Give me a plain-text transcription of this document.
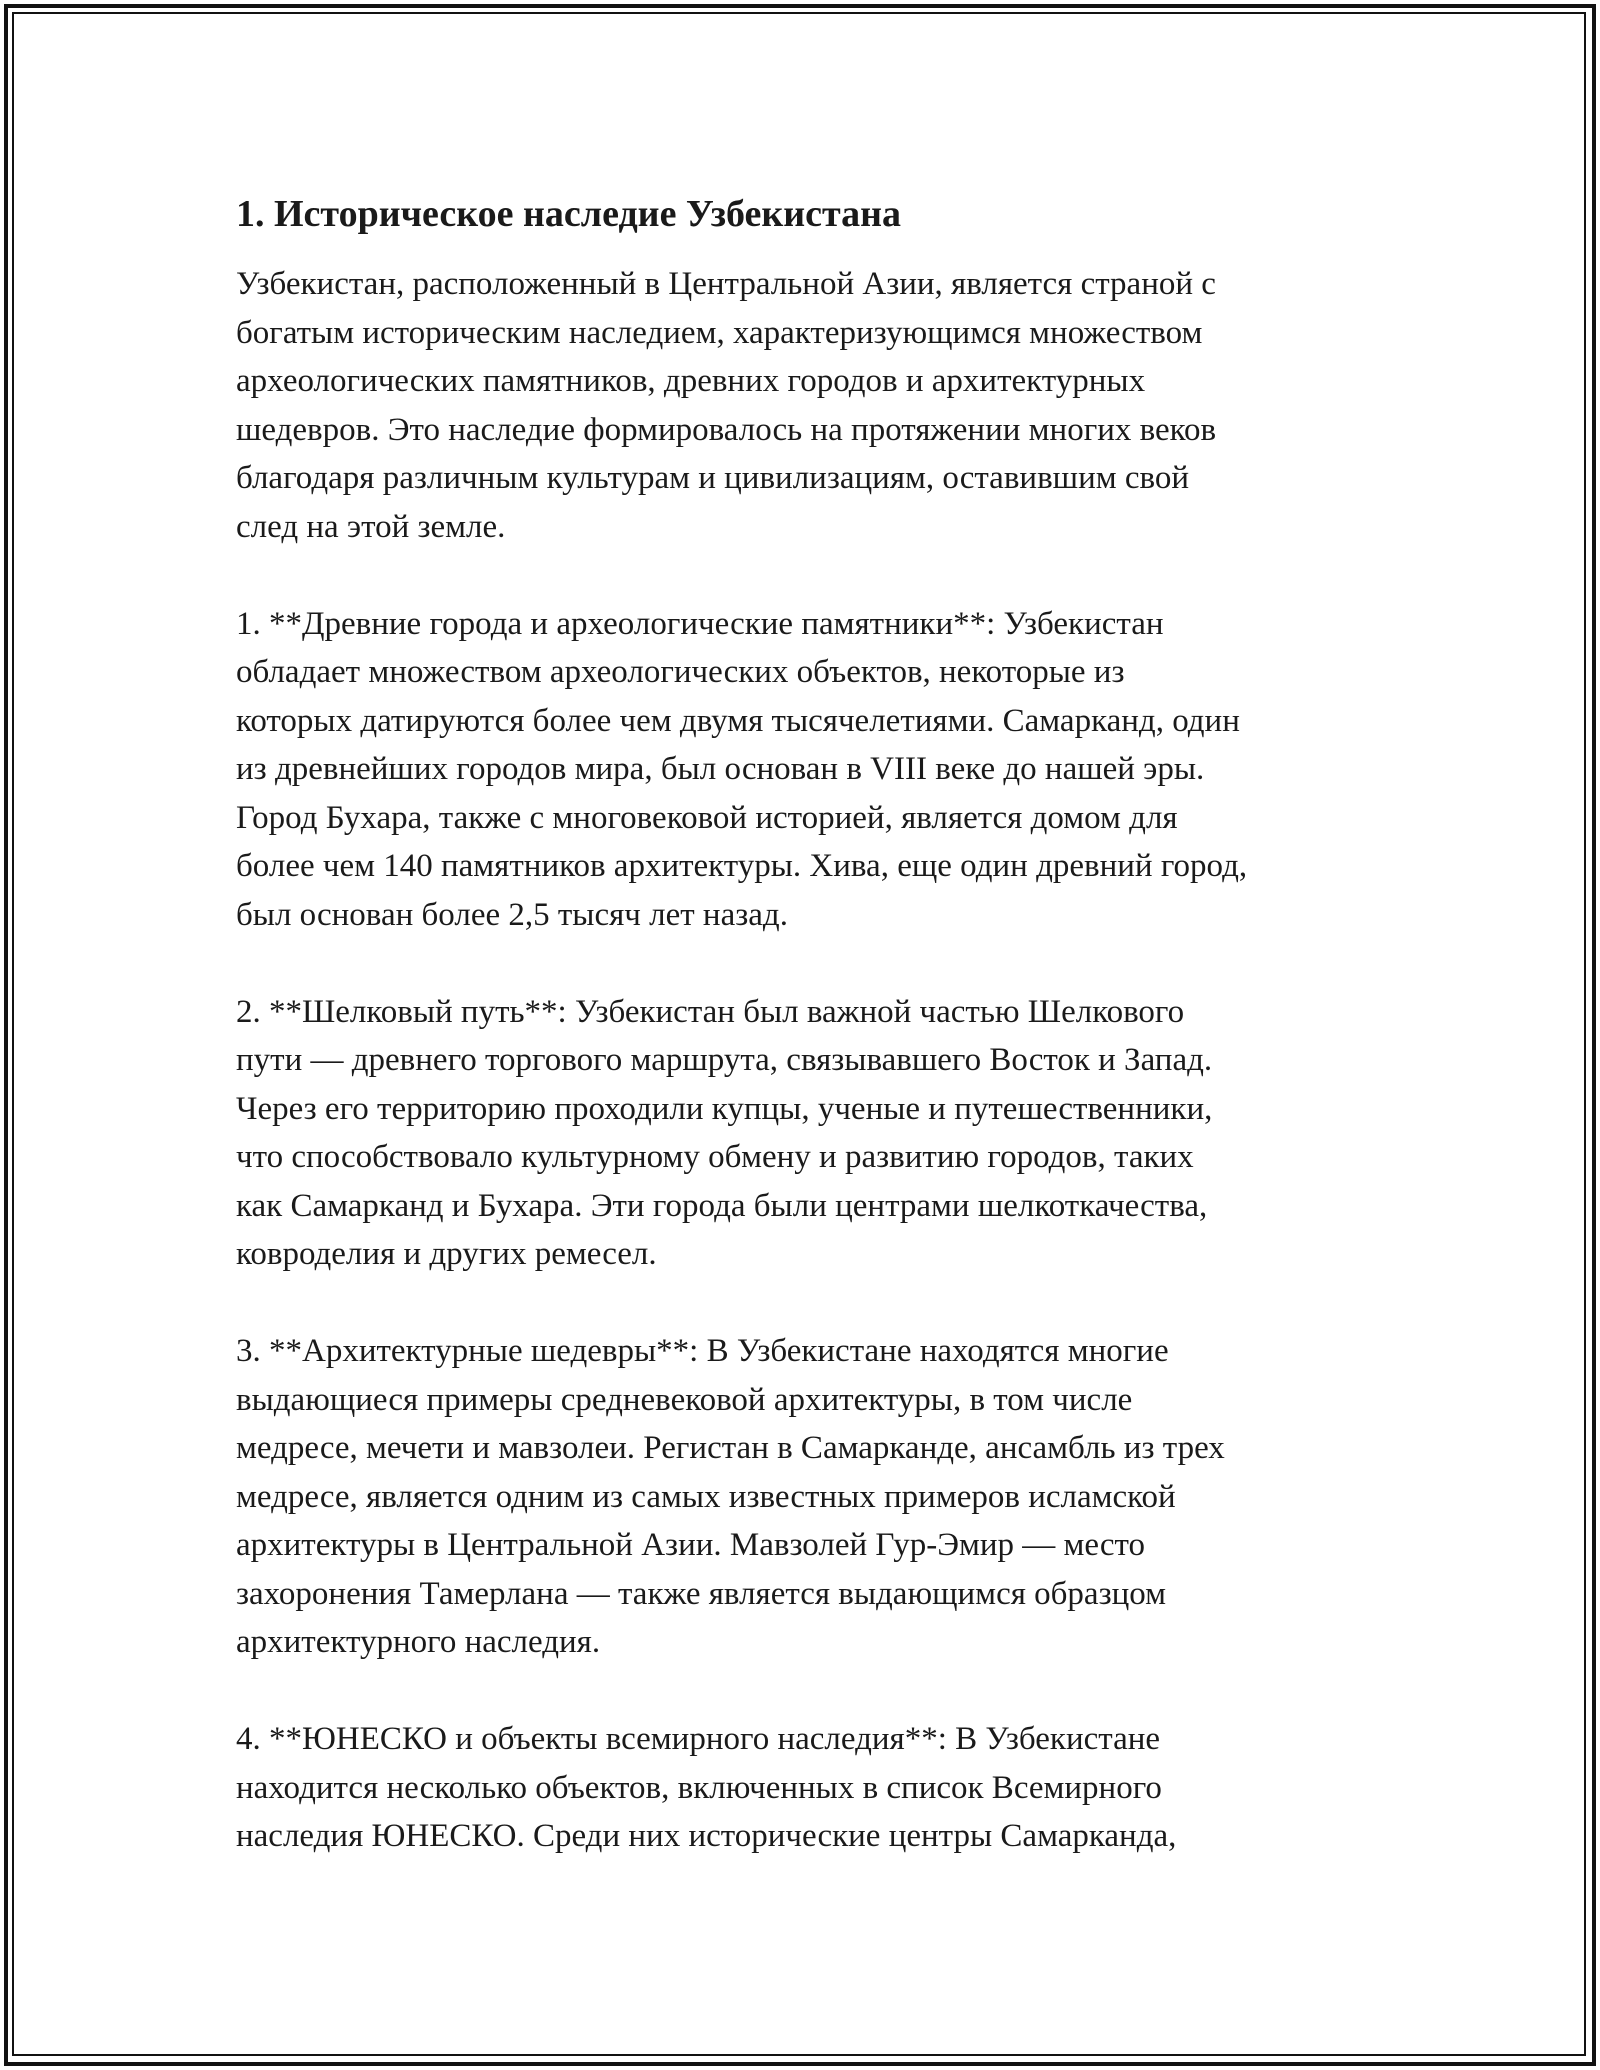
1. Историческое наследие Узбекистана

Узбекистан, расположенный в Центральной Азии, является страной с
богатым историческим наследием, характеризующимся множеством
археологических памятников, древних городов и архитектурных
шедевров. Это наследие формировалось на протяжении многих веков
благодаря различным культурам и цивилизациям, оставившим свой
след на этой земле.

1. **Древние города и археологические памятники**: Узбекистан
обладает множеством археологических объектов, некоторые из
которых датируются более чем двумя тысячелетиями. Самарканд, один
из древнейших городов мира, был основан в VIII веке до нашей эры.
Город Бухара, также с многовековой историей, является домом для
более чем 140 памятников архитектуры. Хива, еще один древний город,
был основан более 2,5 тысяч лет назад.

2. **Шелковый путь**: Узбекистан был важной частью Шелкового
пути — древнего торгового маршрута, связывавшего Восток и Запад.
Через его территорию проходили купцы, ученые и путешественники,
что способствовало культурному обмену и развитию городов, таких
как Самарканд и Бухара. Эти города были центрами шелкоткачества,
ковроделия и других ремесел.

3. **Архитектурные шедевры**: В Узбекистане находятся многие
выдающиеся примеры средневековой архитектуры, в том числе
медресе, мечети и мавзолеи. Регистан в Самарканде, ансамбль из трех
медресе, является одним из самых известных примеров исламской
архитектуры в Центральной Азии. Мавзолей Гур-Эмир — место
захоронения Тамерлана — также является выдающимся образцом
архитектурного наследия.

4. **ЮНЕСКО и объекты всемирного наследия**: В Узбекистане
находится несколько объектов, включенных в список Всемирного
наследия ЮНЕСКО. Среди них исторические центры Самарканда,
